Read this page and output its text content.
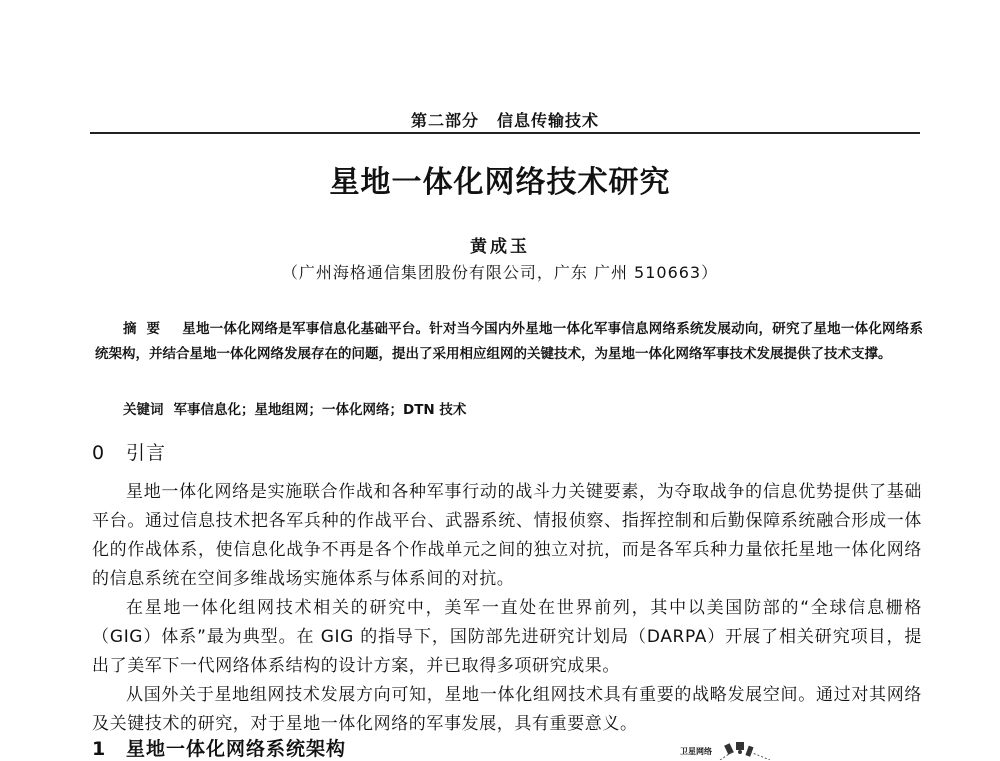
第二部分 信息传输技术
星地一体化网络技术研究
黄成玉
（广州海格通信集团股份有限公司，广东 广州 510663）
摘要 星地一体化网络是军事信息化基础平台。针对当今国内外星地一体化军事信息网络系统发展动向，研究了星地一体化网络系统架构，并结合星地一体化网络发展存在的问题，提出了采用相应组网的关键技术，为星地一体化网络军事技术发展提供了技术支撑。
关键词 军事信息化；星地组网；一体化网络；DTN 技术
0 引言

星地一体化网络是实施联合作战和各种军事行动的战斗力关键要素，为夺取战争的信息优势提供了基础平台。通过信息技术把各军兵种的作战平台、武器系统、情报侦察、指挥控制和后勤保障系统融合形成一体化的作战体系，使信息化战争不再是各个作战单元之间的独立对抗，而是各军兵种力量依托星地一体化网络的信息系统在空间多维战场实施体系与体系间的对抗。

在星地一体化组网技术相关的研究中，美军一直处在世界前列，其中以美国防部的“全球信息栅格（GIG）体系”最为典型。在 GIG 的指导下，国防部先进研究计划局（DARPA）开展了相关研究项目，提出了美军下一代网络体系结构的设计方案，并已取得多项研究成果。

从国外关于星地组网技术发展方向可知，星地一体化组网技术具有重要的战略发展空间。通过对其网络及关键技术的研究，对于星地一体化网络的军事发展，具有重要意义。

1 星地一体化网络系统架构	卫星网络
